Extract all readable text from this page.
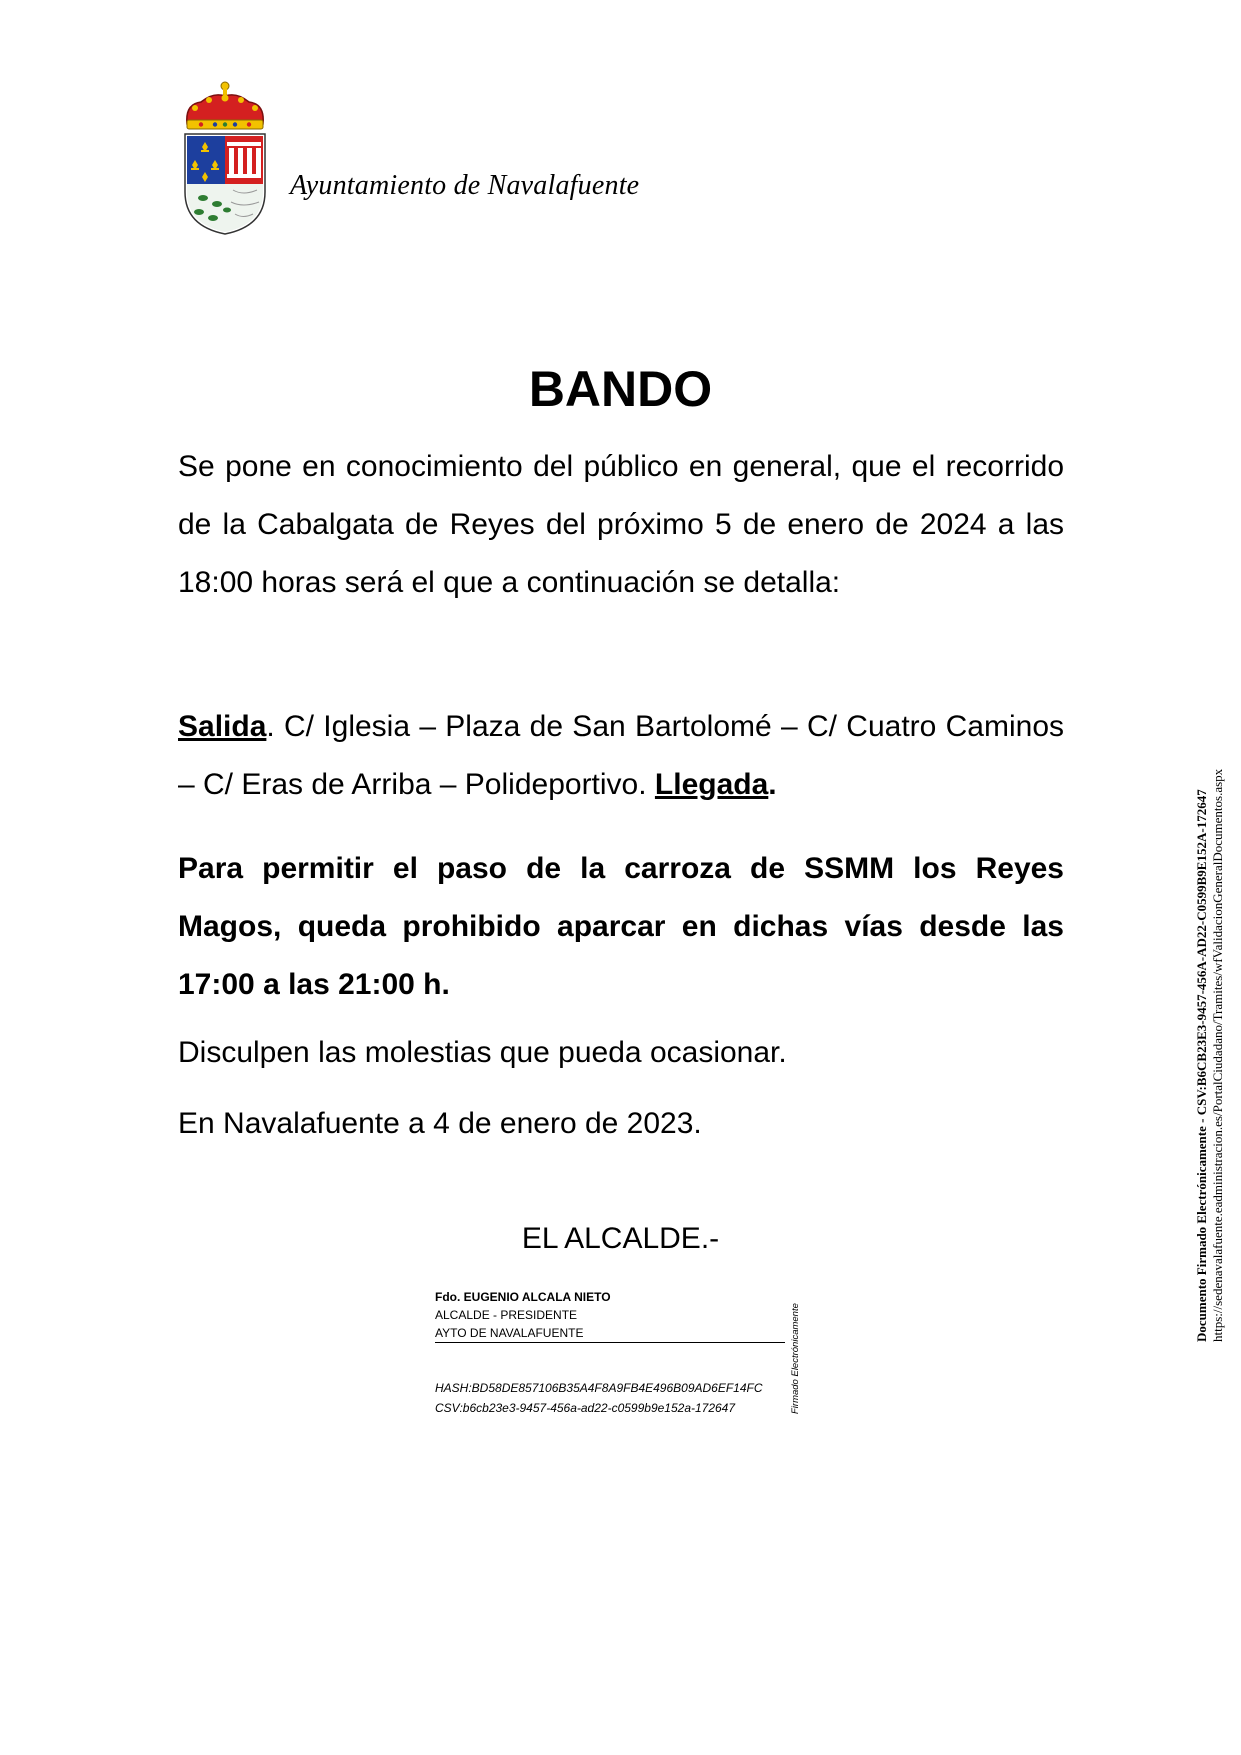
Ayuntamiento de Navalafuente
BANDO
Se pone en conocimiento del público en general, que el recorrido de la Cabalgata de Reyes del próximo 5 de enero de 2024 a las 18:00 horas será el que a continuación se detalla:
Salida. C/ Iglesia – Plaza de San Bartolomé – C/ Cuatro Caminos – C/ Eras de Arriba – Polideportivo. Llegada.
Para permitir el paso de la carroza de SSMM los Reyes Magos, queda prohibido aparcar en dichas vías desde las 17:00 a las 21:00 h.
Disculpen las molestias que pueda ocasionar.
En Navalafuente a 4 de enero de 2023.
EL ALCALDE.-
Fdo. EUGENIO ALCALA NIETO
ALCALDE - PRESIDENTE
AYTO DE NAVALAFUENTE
HASH:BD58DE857106B35A4F8A9FB4E496B09AD6EF14FC
CSV:b6cb23e3-9457-456a-ad22-c0599b9e152a-172647	Firmado Electrónicamente
Documento Firmado Electrónicamente - CSV:B6CB23E3-9457-456A-AD22-C0599B9E152A-172647 https://sedenavalafuente.eadministracion.es/PortalCiudadano/Tramites/wfValidacionGeneralDocumentos.aspx
